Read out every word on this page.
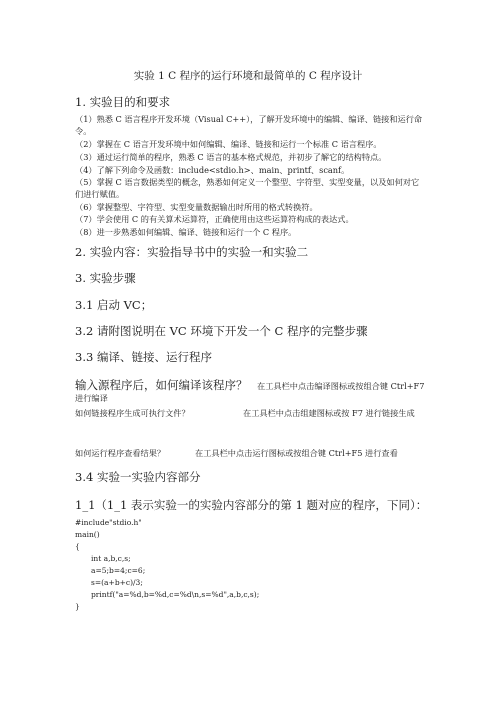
实验 1 C 程序的运行环境和最简单的 C 程序设计
1. 实验目的和要求
（1）熟悉 C 语言程序开发环境（Visual C++），了解开发环境中的编辑、编译、链接和运行命令。
（2）掌握在 C 语言开发环境中如何编辑、编译、链接和运行一个标准 C 语言程序。
（3）通过运行简单的程序，熟悉 C 语言的基本格式规范，并初步了解它的结构特点。
（4）了解下列命令及函数：include<stdio.h>、main、printf、scanf。
（5）掌握 C 语言数据类型的概念，熟悉如何定义一个整型、字符型、实型变量，以及如何对它们进行赋值。
（6）掌握整型、字符型、实型变量数据输出时所用的格式转换符。
（7）学会使用 C 的有关算术运算符，正确使用由这些运算符构成的表达式。
（8）进一步熟悉如何编辑、编译、链接和运行一个 C 程序。
2. 实验内容：实验指导书中的实验一和实验二
3. 实验步骤
3.1 启动 VC；
3.2 请附图说明在 VC 环境下开发一个 C 程序的完整步骤
3.3 编译、链接、运行程序
输入源程序后，如何编译该程序？	在工具栏中点击编译图标或按组合键 Ctrl+F7 进行编译
如何链接程序生成可执行文件？	在工具栏中点击组建图标或按 F7 进行链接生成
如何运行程序查看结果？	在工具栏中点击运行图标或按组合键 Ctrl+F5 进行查看
3.4 实验一实验内容部分
1_1（1_1 表示实验一的实验内容部分的第 1 题对应的程序，下同）：
#include"stdio.h"
main()
{
int a,b,c,s;
a=5;b=4;c=6;
s=(a+b+c)/3;
printf("a=%d,b=%d,c=%d\n,s=%d",a,b,c,s);
}
